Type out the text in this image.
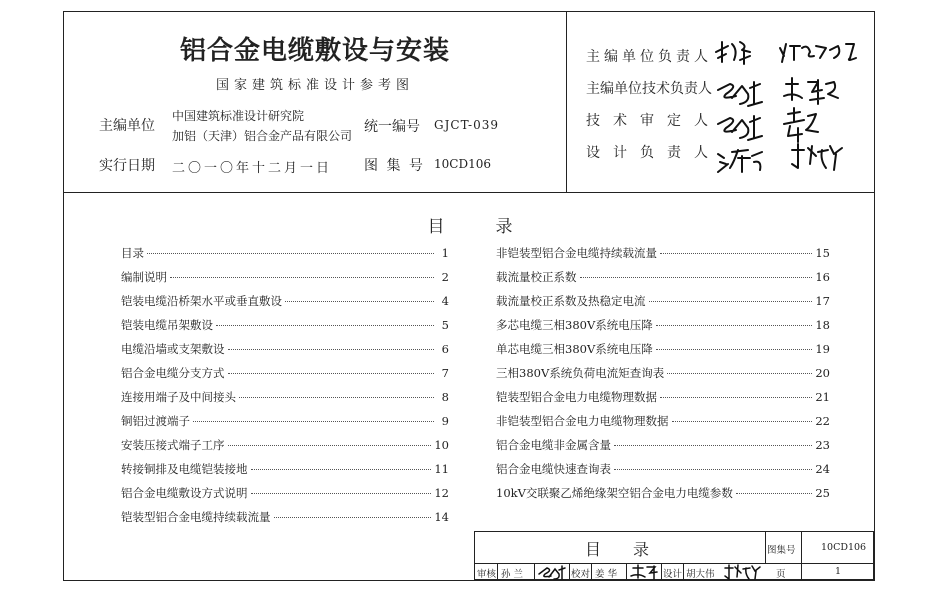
铝合金电缆敷设与安装
国家建筑标准设计参考图
主编单位
中国建筑标准设计研究院
加铝（天津）铝合金产品有限公司
统一编号 GJCT-039
实行日期 二〇一〇年十二月一日 图 集 号 10CD106
主编单位负责人
主编单位技术负责人
技术审定人
设计负责人
目　　　录
目录	1
编制说明	2
铠装电缆沿桥架水平或垂直敷设	4
铠装电缆吊架敷设	5
电缆沿墙或支架敷设	6
铝合金电缆分支方式	7
连接用端子及中间接头	8
铜铝过渡端子	9
安装压接式端子工序	10
转接铜排及电缆铠装接地	11
铝合金电缆敷设方式说明	12
铠装型铝合金电缆持续载流量	14
非铠装型铝合金电缆持续载流量	15
载流量校正系数	16
载流量校正系数及热稳定电流	17
多芯电缆三相380V系统电压降	18
单芯电缆三相380V系统电压降	19
三相380V系统负荷电流矩查询表	20
铠装型铝合金电力电缆物理数据	21
非铠装型铝合金电力电缆物理数据	22
铝合金电缆非金属含量	23
铝合金电缆快速查询表	24
10kV交联聚乙烯绝缘架空铝合金电力电缆参数	25
目　　录	图集号	10CD106
审核 孙 兰	校对 姜 华	设计 胡大伟	页	1
